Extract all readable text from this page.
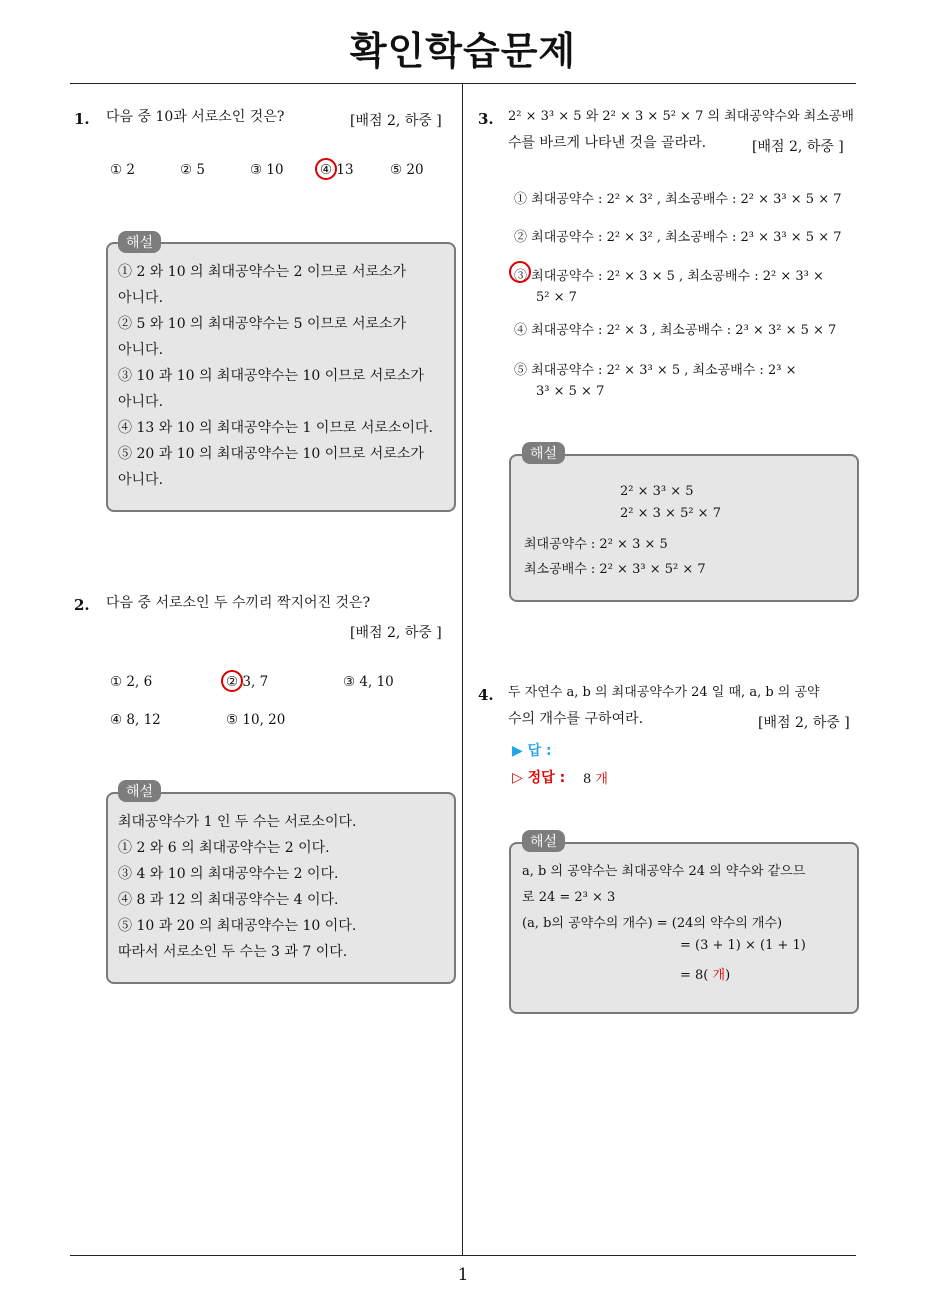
확인학습문제
1
1. 다음 중 10과 서로소인 것은?	[배점 2, 하중 ]
① 2	② 5	③ 10	④ 13	⑤ 20
해설
① 2 와 10 의 최대공약수는 2 이므로 서로소가
아니다.
② 5 와 10 의 최대공약수는 5 이므로 서로소가
아니다.
③ 10 과 10 의 최대공약수는 10 이므로 서로소가
아니다.
④ 13 와 10 의 최대공약수는 1 이므로 서로소이다.
⑤ 20 과 10 의 최대공약수는 10 이므로 서로소가
아니다.
2. 다음 중 서로소인 두 수끼리 짝지어진 것은?
[배점 2, 하중 ]
① 2, 6	② 3, 7	③ 4, 10
④ 8, 12	⑤ 10, 20
해설
최대공약수가 1 인 두 수는 서로소이다.
① 2 와 6 의 최대공약수는 2 이다.
③ 4 와 10 의 최대공약수는 2 이다.
④ 8 과 12 의 최대공약수는 4 이다.
⑤ 10 과 20 의 최대공약수는 10 이다.
따라서 서로소인 두 수는 3 과 7 이다.
3. 2² × 3³ × 5 와 2² × 3 × 5² × 7 의 최대공약수와 최소공배
수를 바르게 나타낸 것을 골라라.	[배점 2, 하중 ]
① 최대공약수 : 2² × 3² , 최소공배수 : 2² × 3³ × 5 × 7
② 최대공약수 : 2² × 3² , 최소공배수 : 2³ × 3³ × 5 × 7
③ 최대공약수 : 2² × 3 × 5 , 최소공배수 : 2² × 3³ ×
5² × 7
④ 최대공약수 : 2² × 3 , 최소공배수 : 2³ × 3² × 5 × 7
⑤ 최대공약수 : 2² × 3³ × 5 , 최소공배수 : 2³ ×
3³ × 5 × 7
해설
2² × 3³ × 5
2² × 3 × 5² × 7
최대공약수 : 2² × 3 × 5
최소공배수 : 2² × 3³ × 5² × 7
4. 두 자연수 a, b 의 최대공약수가 24 일 때, a, b 의 공약
수의 개수를 구하여라.	[배점 2, 하중 ]
▶ 답 :
▷ 정답 : 8 개
해설
a, b 의 공약수는 최대공약수 24 의 약수와 같으므
로 24 = 2³ × 3
(a, b의 공약수의 개수) = (24의 약수의 개수)
= (3 + 1) × (1 + 1)
= 8( 개)
